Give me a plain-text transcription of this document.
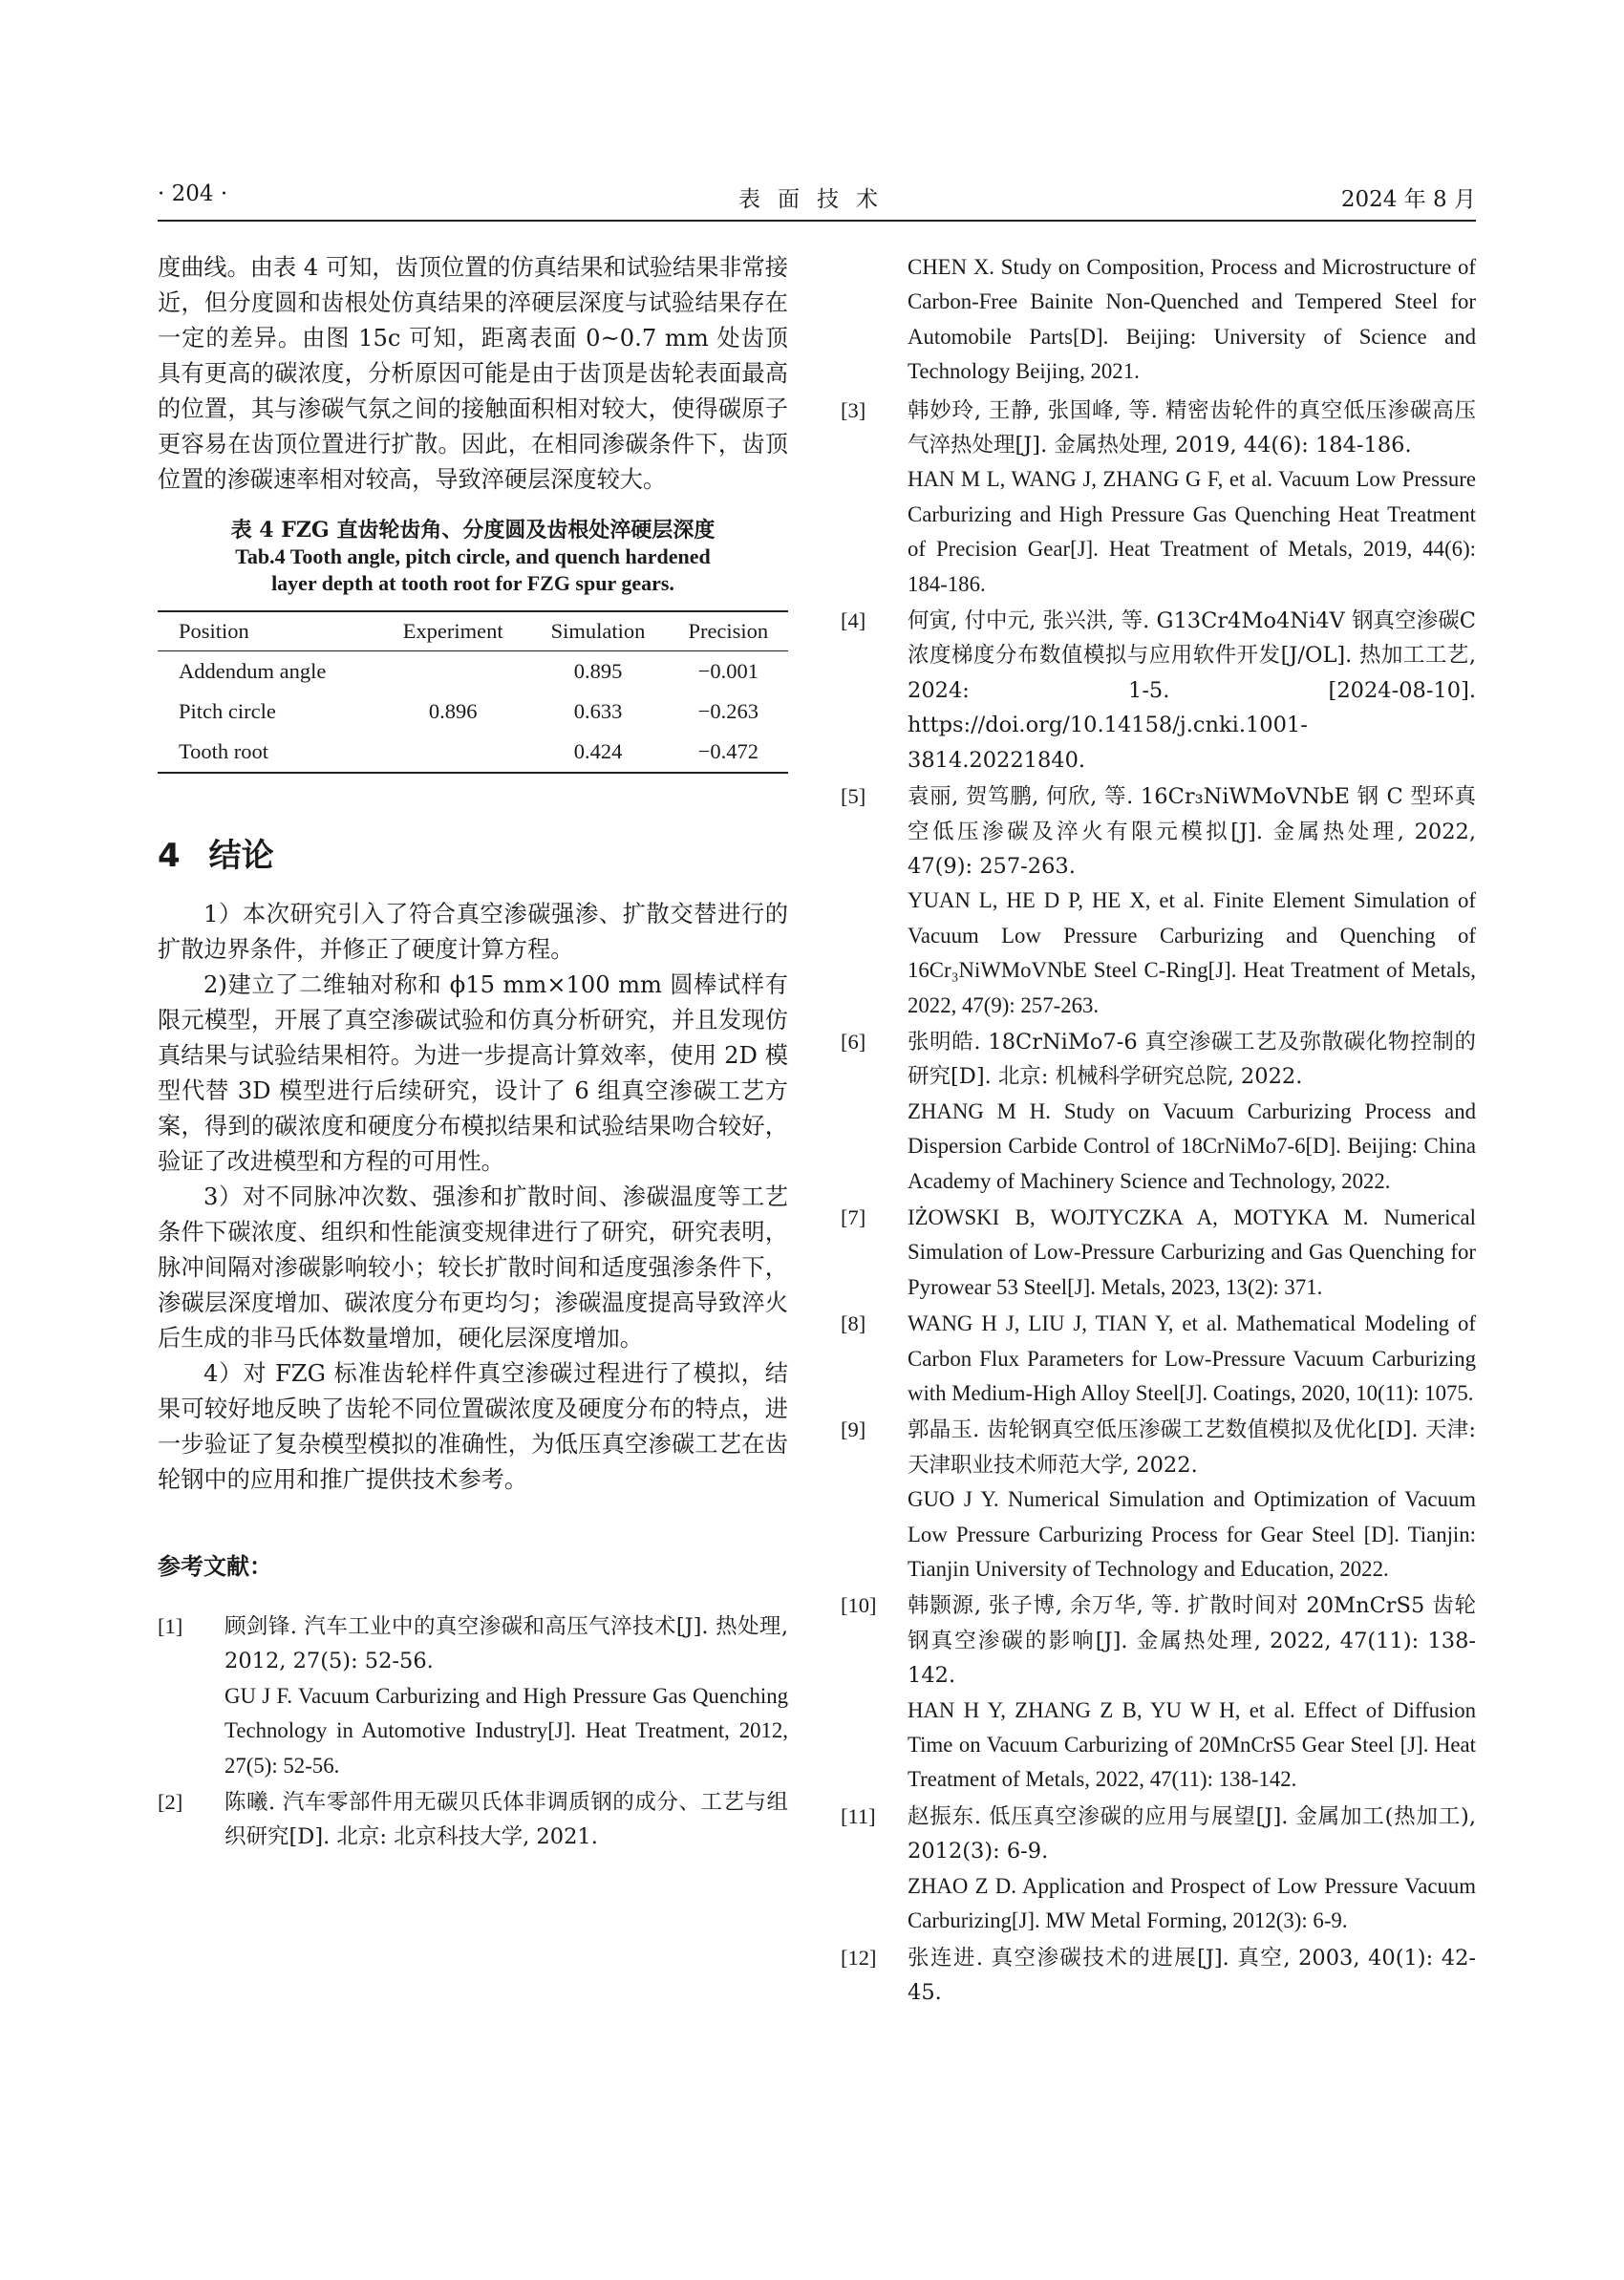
· 204 ·	表面技术	2024 年 8 月

度曲线。由表 4 可知，齿顶位置的仿真结果和试验结果非常接近，但分度圆和齿根处仿真结果的淬硬层深度与试验结果存在一定的差异。由图 15c 可知，距离表面 0~0.7 mm 处齿顶具有更高的碳浓度，分析原因可能是由于齿顶是齿轮表面最高的位置，其与渗碳气氛之间的接触面积相对较大，使得碳原子更容易在齿顶位置进行扩散。因此，在相同渗碳条件下，齿顶位置的渗碳速率相对较高，导致淬硬层深度较大。

表 4 FZG 直齿轮齿角、分度圆及齿根处淬硬层深度
Tab.4 Tooth angle, pitch circle, and quench hardened
layer depth at tooth root for FZG spur gears.
Position	Experiment	Simulation	Precision
Addendum angle		0.895	−0.001
Pitch circle	0.896	0.633	−0.263
Tooth root		0.424	−0.472
4 结论

1）本次研究引入了符合真空渗碳强渗、扩散交替进行的扩散边界条件，并修正了硬度计算方程。

2)建立了二维轴对称和 ϕ15 mm×100 mm 圆棒试样有限元模型，开展了真空渗碳试验和仿真分析研究，并且发现仿真结果与试验结果相符。为进一步提高计算效率，使用 2D 模型代替 3D 模型进行后续研究，设计了 6 组真空渗碳工艺方案，得到的碳浓度和硬度分布模拟结果和试验结果吻合较好，验证了改进模型和方程的可用性。

3）对不同脉冲次数、强渗和扩散时间、渗碳温度等工艺条件下碳浓度、组织和性能演变规律进行了研究，研究表明，脉冲间隔对渗碳影响较小；较长扩散时间和适度强渗条件下，渗碳层深度增加、碳浓度分布更均匀；渗碳温度提高导致淬火后生成的非马氏体数量增加，硬化层深度增加。

4）对 FZG 标准齿轮样件真空渗碳过程进行了模拟，结果可较好地反映了齿轮不同位置碳浓度及硬度分布的特点，进一步验证了复杂模型模拟的准确性，为低压真空渗碳工艺在齿轮钢中的应用和推广提供技术参考。

参考文献：
[1] 顾剑锋. 汽车工业中的真空渗碳和高压气淬技术[J]. 热处理, 2012, 27(5): 52-56.

GU J F. Vacuum Carburizing and High Pressure Gas Quenching Technology in Automotive Industry[J]. Heat Treatment, 2012, 27(5): 52-56.

[2] 陈曦. 汽车零部件用无碳贝氏体非调质钢的成分、工艺与组织研究[D]. 北京: 北京科技大学, 2021.

CHEN X. Study on Composition, Process and Microstructure of Carbon-Free Bainite Non-Quenched and Tempered Steel for Automobile Parts[D]. Beijing: University of Science and Technology Beijing, 2021.

[3] 韩妙玲, 王静, 张国峰, 等. 精密齿轮件的真空低压渗碳高压气淬热处理[J]. 金属热处理, 2019, 44(6): 184-186.

HAN M L, WANG J, ZHANG G F, et al. Vacuum Low Pressure Carburizing and High Pressure Gas Quenching Heat Treatment of Precision Gear[J]. Heat Treatment of Metals, 2019, 44(6): 184-186.

[4] 何寅, 付中元, 张兴洪, 等. G13Cr4Mo4Ni4V 钢真空渗碳C浓度梯度分布数值模拟与应用软件开发[J/OL]. 热加工工艺, 2024: 1-5. [2024-08-10]. https://doi.org/10.14158/j.cnki.1001-3814.20221840.

[5] 袁丽, 贺笃鹏, 何欣, 等. 16Cr₃NiWMoVNbE 钢 C 型环真空低压渗碳及淬火有限元模拟[J]. 金属热处理, 2022, 47(9): 257-263.

YUAN L, HE D P, HE X, et al. Finite Element Simulation of Vacuum Low Pressure Carburizing and Quenching of 16Cr₃NiWMoVNbE Steel C-Ring[J]. Heat Treatment of Metals, 2022, 47(9): 257-263.

[6] 张明皓. 18CrNiMo7-6 真空渗碳工艺及弥散碳化物控制的研究[D]. 北京: 机械科学研究总院, 2022.

ZHANG M H. Study on Vacuum Carburizing Process and Dispersion Carbide Control of 18CrNiMo7-6[D]. Beijing: China Academy of Machinery Science and Technology, 2022.

[7] IŻOWSKI B, WOJTYCZKA A, MOTYKA M. Numerical Simulation of Low-Pressure Carburizing and Gas Quenching for Pyrowear 53 Steel[J]. Metals, 2023, 13(2): 371.

[8] WANG H J, LIU J, TIAN Y, et al. Mathematical Modeling of Carbon Flux Parameters for Low-Pressure Vacuum Carburizing with Medium-High Alloy Steel[J]. Coatings, 2020, 10(11): 1075.

[9] 郭晶玉. 齿轮钢真空低压渗碳工艺数值模拟及优化[D]. 天津: 天津职业技术师范大学, 2022.

GUO J Y. Numerical Simulation and Optimization of Vacuum Low Pressure Carburizing Process for Gear Steel [D]. Tianjin: Tianjin University of Technology and Education, 2022.

[10] 韩颢源, 张子博, 余万华, 等. 扩散时间对 20MnCrS5 齿轮钢真空渗碳的影响[J]. 金属热处理, 2022, 47(11): 138-142.

HAN H Y, ZHANG Z B, YU W H, et al. Effect of Diffusion Time on Vacuum Carburizing of 20MnCrS5 Gear Steel [J]. Heat Treatment of Metals, 2022, 47(11): 138-142.

[11] 赵振东. 低压真空渗碳的应用与展望[J]. 金属加工(热加工), 2012(3): 6-9.

ZHAO Z D. Application and Prospect of Low Pressure Vacuum Carburizing[J]. MW Metal Forming, 2012(3): 6-9.

[12] 张连进. 真空渗碳技术的进展[J]. 真空, 2003, 40(1): 42-45.
